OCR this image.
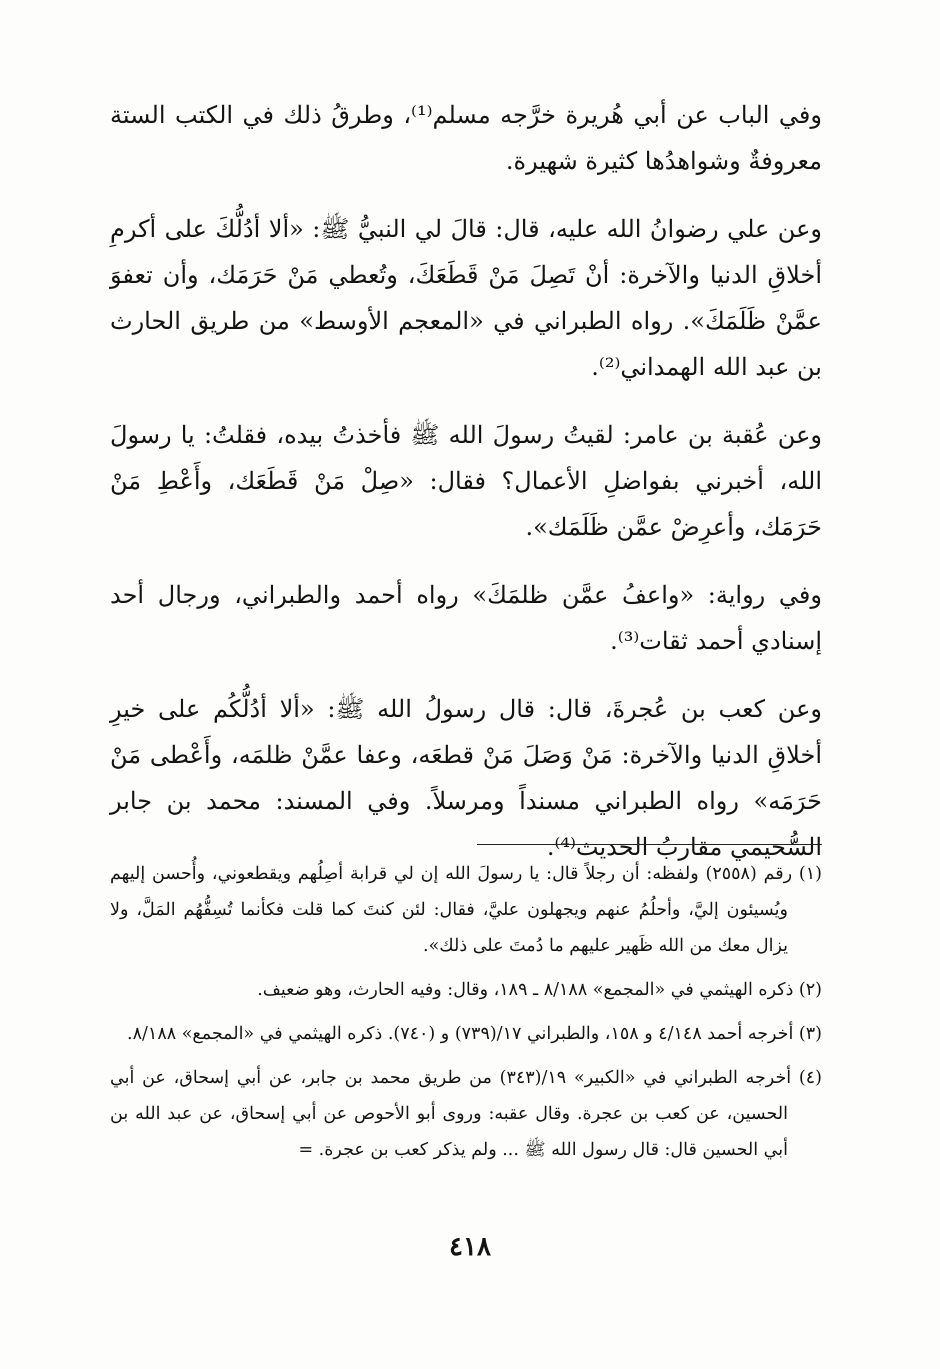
وفي الباب عن أبي هُريرة خرَّجه مسلم⁽¹⁾، وطرقُ ذلك في الكتب الستة معروفةٌ وشواهدُها كثيرة شهيرة.

وعن علي رضوانُ الله عليه، قال: قالَ لي النبيُّ ﷺ: «ألا أدُلُّكَ على أكرمِ أخلاقِ الدنيا والآخرة: أنْ تَصِلَ مَنْ قَطَعَكَ، وتُعطي مَنْ حَرَمَك، وأن تعفوَ عمَّنْ ظَلَمَكَ». رواه الطبراني في «المعجم الأوسط» من طريق الحارث بن عبد الله الهمداني⁽²⁾.

وعن عُقبة بن عامر: لقيتُ رسولَ الله ﷺ فأخذتُ بيده، فقلتُ: يا رسولَ الله، أخبرني بفواضلِ الأعمال؟ فقال: «صِلْ مَنْ قَطَعَك، وأَعْطِ مَنْ حَرَمَك، وأعرِضْ عمَّن ظَلَمَك».

وفي رواية: «واعفُ عمَّن ظلمَكَ» رواه أحمد والطبراني، ورجال أحد إسنادي أحمد ثقات⁽³⁾.

وعن كعب بن عُجرةَ، قال: قال رسولُ الله ﷺ: «ألا أدُلُّكُم على خيرِ أخلاقِ الدنيا والآخرة: مَنْ وَصَلَ مَنْ قطعَه، وعفا عمَّنْ ظلمَه، وأَعْطى مَنْ حَرَمَه» رواه الطبراني مسنداً ومرسلاً. وفي المسند: محمد بن جابر السُّحيمي مقاربُ الحديث⁽⁴⁾.

(١) رقم (٢٥٥٨) ولفظه: أن رجلاً قال: يا رسولَ الله إن لي قرابة أصِلُهم ويقطعوني، وأُحسن إليهم ويُسيئون إليَّ، وأحلُمُ عنهم ويجهلون عليَّ، فقال: لئن كنتَ كما قلت فكأنما تُسِفُّهُم المَلَّ، ولا يزال معك من الله ظَهير عليهم ما دُمتَ على ذلك».

(٢) ذكره الهيثمي في «المجمع» ٨/١٨٨ ـ ١٨٩، وقال: وفيه الحارث، وهو ضعيف.

(٣) أخرجه أحمد ٤/١٤٨ و ١٥٨، والطبراني ١٧/(٧٣٩) و (٧٤٠). ذكره الهيثمي في «المجمع» ٨/١٨٨.

(٤) أخرجه الطبراني في «الكبير» ١٩/(٣٤٣) من طريق محمد بن جابر، عن أبي إسحاق، عن أبي الحسين، عن كعب بن عجرة. وقال عقبه: وروى أبو الأحوص عن أبي إسحاق، عن عبد الله بن أبي الحسين قال: قال رسول الله ﷺ ... ولم يذكر كعب بن عجرة. =

٤١٨
